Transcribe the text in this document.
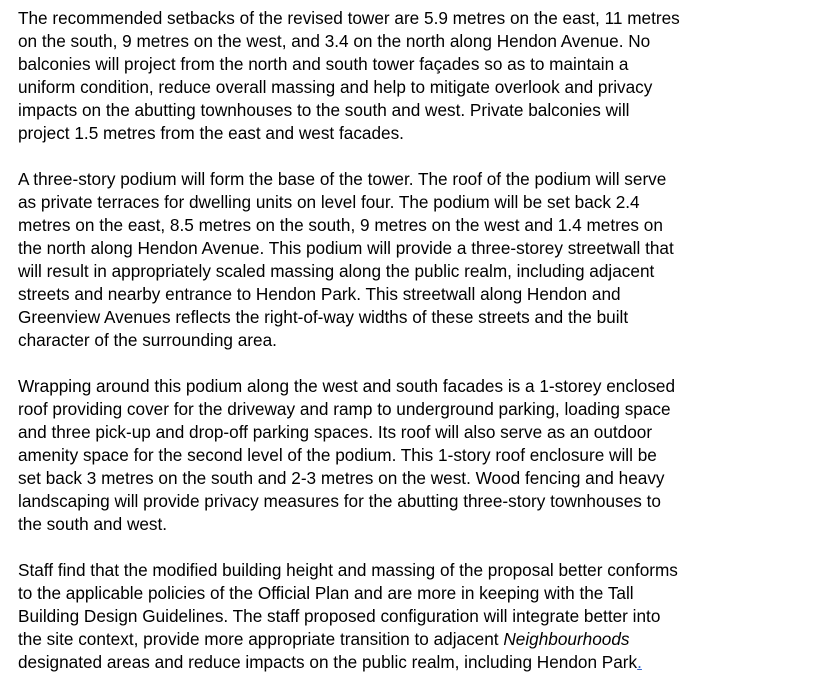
The recommended setbacks of the revised tower are 5.9 metres on the east, 11 metres
on the south, 9 metres on the west, and 3.4 on the north along Hendon Avenue. No
balconies will project from the north and south tower façades so as to maintain a
uniform condition, reduce overall massing and help to mitigate overlook and privacy
impacts on the abutting townhouses to the south and west. Private balconies will
project 1.5 metres from the east and west facades.

A three-story podium will form the base of the tower. The roof of the podium will serve
as private terraces for dwelling units on level four. The podium will be set back 2.4
metres on the east, 8.5 metres on the south, 9 metres on the west and 1.4 metres on
the north along Hendon Avenue. This podium will provide a three-storey streetwall that
will result in appropriately scaled massing along the public realm, including adjacent
streets and nearby entrance to Hendon Park. This streetwall along Hendon and
Greenview Avenues reflects the right-of-way widths of these streets and the built
character of the surrounding area.

Wrapping around this podium along the west and south facades is a 1-storey enclosed
roof providing cover for the driveway and ramp to underground parking, loading space
and three pick-up and drop-off parking spaces. Its roof will also serve as an outdoor
amenity space for the second level of the podium. This 1-story roof enclosure will be
set back 3 metres on the south and 2-3 metres on the west. Wood fencing and heavy
landscaping will provide privacy measures for the abutting three-story townhouses to
the south and west.

Staff find that the modified building height and massing of the proposal better conforms
to the applicable policies of the Official Plan and are more in keeping with the Tall
Building Design Guidelines. The staff proposed configuration will integrate better into
the site context, provide more appropriate transition to adjacent Neighbourhoods
designated areas and reduce impacts on the public realm, including Hendon Park.
